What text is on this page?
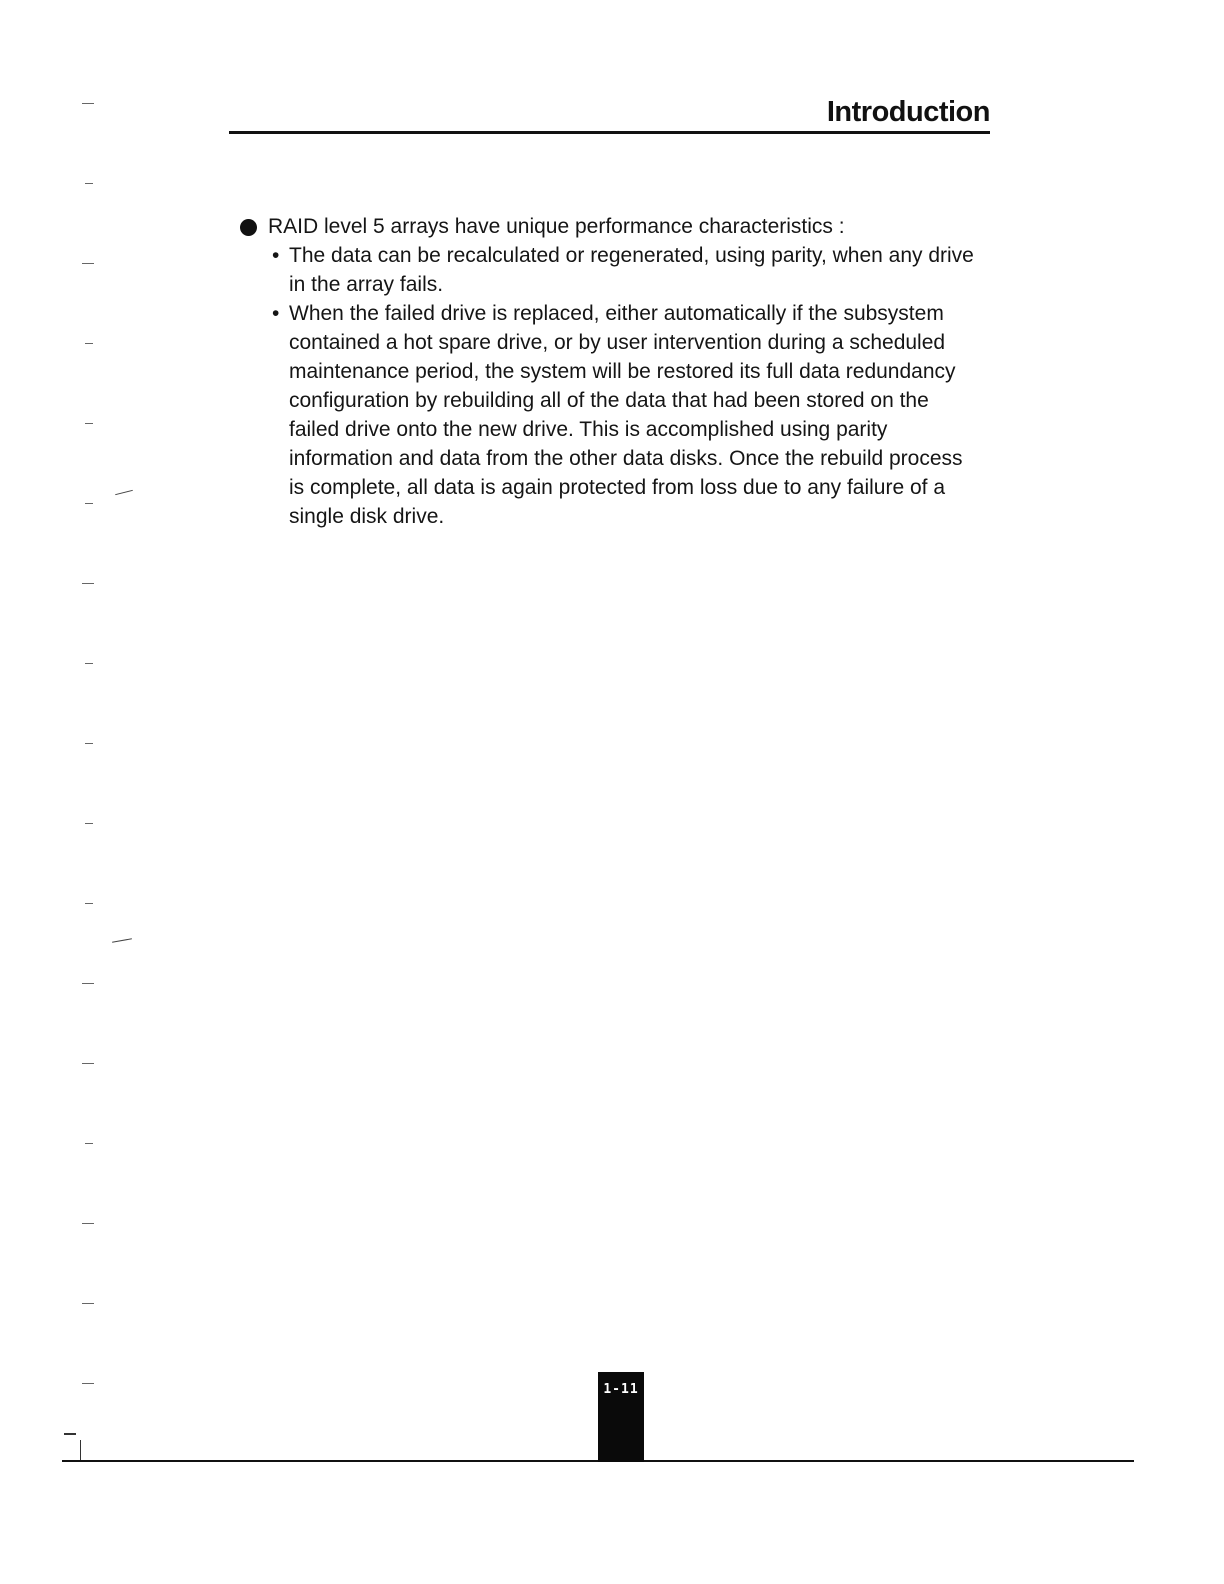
Introduction
RAID level 5 arrays have unique performance characteristics :
• The data can be recalculated or regenerated, using parity, when any drive in the array fails.
• When the failed drive is replaced, either automatically if the subsystem contained a hot spare drive, or by user intervention during a scheduled maintenance period, the system will be restored its full data redundancy configuration by rebuilding all of the data that had been stored on the failed drive onto the new drive. This is accomplished using parity information and data from the other data disks. Once the rebuild process is complete, all data is again protected from loss due to any failure of a single disk drive.
1-11
